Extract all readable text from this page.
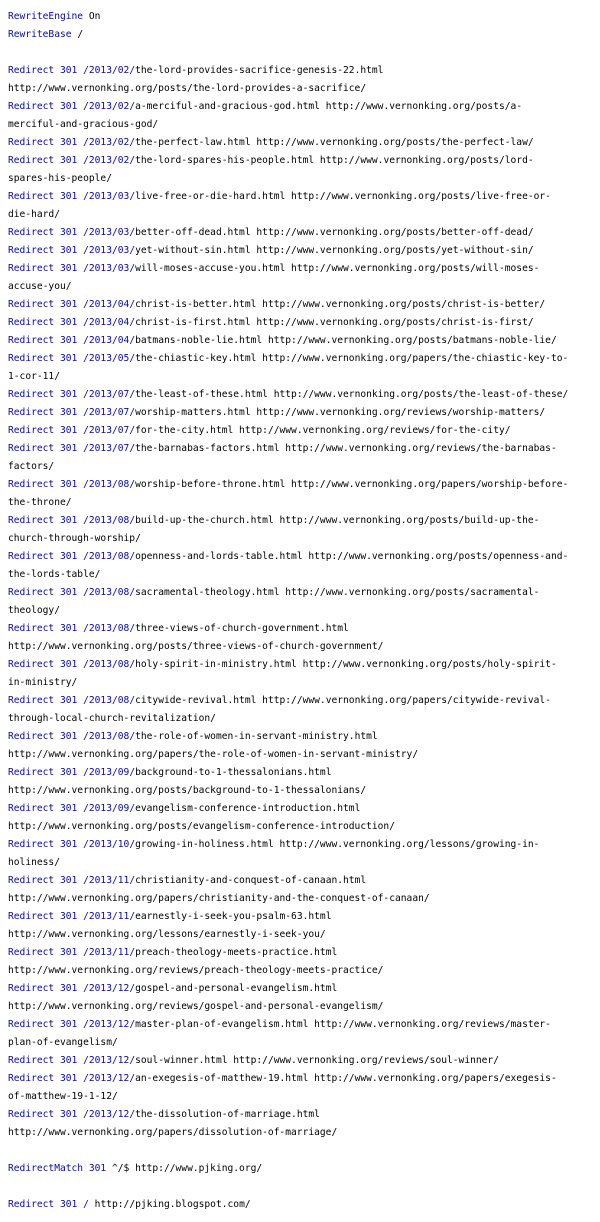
RewriteEngine On
RewriteBase /
Redirect 301 /2013/02/the-lord-provides-sacrifice-genesis-22.html
http://www.vernonking.org/posts/the-lord-provides-a-sacrifice/
Redirect 301 /2013/02/a-merciful-and-gracious-god.html http://www.vernonking.org/posts/a-
merciful-and-gracious-god/
Redirect 301 /2013/02/the-perfect-law.html http://www.vernonking.org/posts/the-perfect-law/
Redirect 301 /2013/02/the-lord-spares-his-people.html http://www.vernonking.org/posts/lord-
spares-his-people/
Redirect 301 /2013/03/live-free-or-die-hard.html http://www.vernonking.org/posts/live-free-or-
die-hard/
Redirect 301 /2013/03/better-off-dead.html http://www.vernonking.org/posts/better-off-dead/
Redirect 301 /2013/03/yet-without-sin.html http://www.vernonking.org/posts/yet-without-sin/
Redirect 301 /2013/03/will-moses-accuse-you.html http://www.vernonking.org/posts/will-moses-
accuse-you/
Redirect 301 /2013/04/christ-is-better.html http://www.vernonking.org/posts/christ-is-better/
Redirect 301 /2013/04/christ-is-first.html http://www.vernonking.org/posts/christ-is-first/
Redirect 301 /2013/04/batmans-noble-lie.html http://www.vernonking.org/posts/batmans-noble-lie/
Redirect 301 /2013/05/the-chiastic-key.html http://www.vernonking.org/papers/the-chiastic-key-to-
1-cor-11/
Redirect 301 /2013/07/the-least-of-these.html http://www.vernonking.org/posts/the-least-of-these/
Redirect 301 /2013/07/worship-matters.html http://www.vernonking.org/reviews/worship-matters/
Redirect 301 /2013/07/for-the-city.html http://www.vernonking.org/reviews/for-the-city/
Redirect 301 /2013/07/the-barnabas-factors.html http://www.vernonking.org/reviews/the-barnabas-
factors/
Redirect 301 /2013/08/worship-before-throne.html http://www.vernonking.org/papers/worship-before-
the-throne/
Redirect 301 /2013/08/build-up-the-church.html http://www.vernonking.org/posts/build-up-the-
church-through-worship/
Redirect 301 /2013/08/openness-and-lords-table.html http://www.vernonking.org/posts/openness-and-
the-lords-table/
Redirect 301 /2013/08/sacramental-theology.html http://www.vernonking.org/posts/sacramental-
theology/
Redirect 301 /2013/08/three-views-of-church-government.html
http://www.vernonking.org/posts/three-views-of-church-government/
Redirect 301 /2013/08/holy-spirit-in-ministry.html http://www.vernonking.org/posts/holy-spirit-
in-ministry/
Redirect 301 /2013/08/citywide-revival.html http://www.vernonking.org/papers/citywide-revival-
through-local-church-revitalization/
Redirect 301 /2013/08/the-role-of-women-in-servant-ministry.html
http://www.vernonking.org/papers/the-role-of-women-in-servant-ministry/
Redirect 301 /2013/09/background-to-1-thessalonians.html
http://www.vernonking.org/posts/background-to-1-thessalonians/
Redirect 301 /2013/09/evangelism-conference-introduction.html
http://www.vernonking.org/posts/evangelism-conference-introduction/
Redirect 301 /2013/10/growing-in-holiness.html http://www.vernonking.org/lessons/growing-in-
holiness/
Redirect 301 /2013/11/christianity-and-conquest-of-canaan.html
http://www.vernonking.org/papers/christianity-and-the-conquest-of-canaan/
Redirect 301 /2013/11/earnestly-i-seek-you-psalm-63.html
http://www.vernonking.org/lessons/earnestly-i-seek-you/
Redirect 301 /2013/11/preach-theology-meets-practice.html
http://www.vernonking.org/reviews/preach-theology-meets-practice/
Redirect 301 /2013/12/gospel-and-personal-evangelism.html
http://www.vernonking.org/reviews/gospel-and-personal-evangelism/
Redirect 301 /2013/12/master-plan-of-evangelism.html http://www.vernonking.org/reviews/master-
plan-of-evangelism/
Redirect 301 /2013/12/soul-winner.html http://www.vernonking.org/reviews/soul-winner/
Redirect 301 /2013/12/an-exegesis-of-matthew-19.html http://www.vernonking.org/papers/exegesis-
of-matthew-19-1-12/
Redirect 301 /2013/12/the-dissolution-of-marriage.html
http://www.vernonking.org/papers/dissolution-of-marriage/
RedirectMatch 301 ^/$ http://www.pjking.org/
Redirect 301 / http://pjking.blogspot.com/
